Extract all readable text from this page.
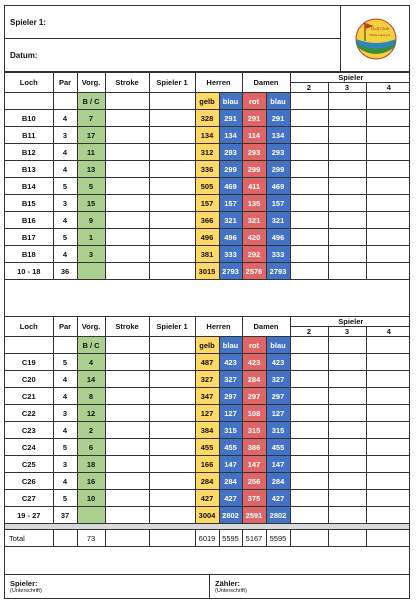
Spieler 1:
Datum:
Golf Club
Tölzer Land e.V.
Loch	Par	Vorg.	Stroke	Spieler 1	Herren		Damen		Spieler		
									2	3	4
		B / C			gelb	blau	rot	blau			
B10	4	7			328	291	291	291			
B11	3	17			134	134	114	134			
B12	4	11			312	293	293	293			
B13	4	13			336	299	299	299			
B14	5	5			505	469	411	469			
B15	3	15			157	157	135	157			
B16	4	9			366	321	321	321			
B17	5	1			496	496	420	496			
B18	4	3			381	333	292	333			
10 - 18	36				3015	2793	2576	2793			
Loch	Par	Vorg.	Stroke	Spieler 1	Herren		Damen		Spieler		
									2	3	4
		B / C			gelb	blau	rot	blau			
C19	5	4			487	423	423	423			
C20	4	14			327	327	284	327			
C21	4	8			347	297	297	297			
C22	3	12			127	127	108	127			
C23	4	2			384	315	315	315			
C24	5	6			455	455	386	455			
C25	3	18			166	147	147	147			
C26	4	16			284	284	256	284			
C27	5	10			427	427	375	427			
19 - 27	37				3004	2802	2591	2802			

Total		73			6019	5595	5167	5595			
Spieler:
(Unterschrift)
Zähler:
(Unterschrift)
